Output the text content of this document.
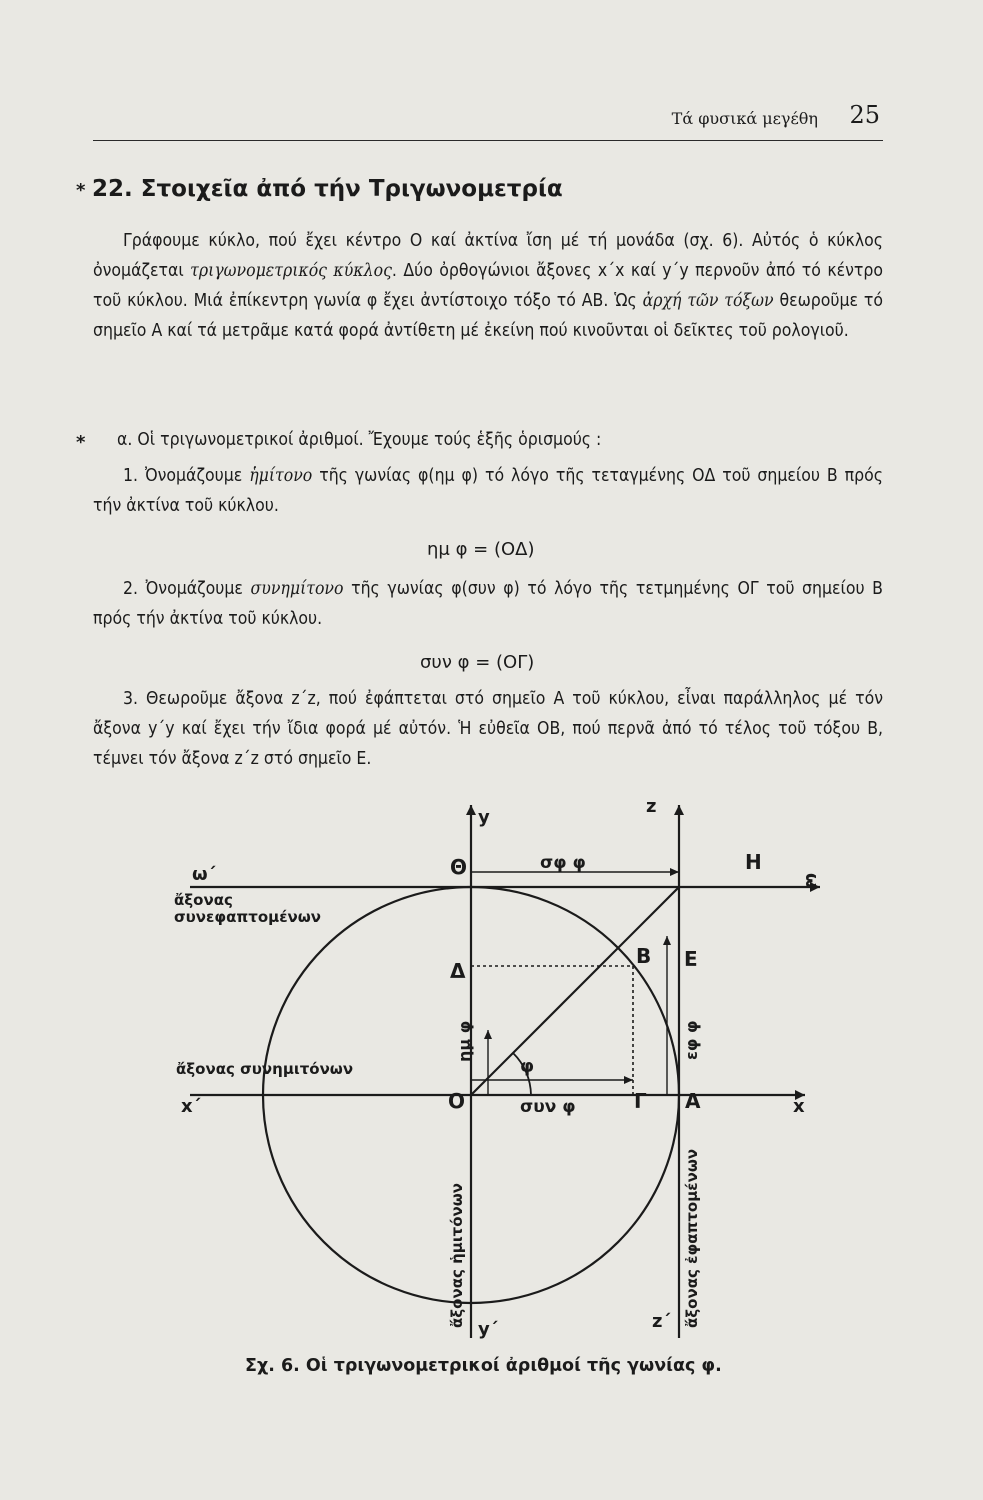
Τά φυσικά μεγέθη 25
* 22. Στοιχεῖα ἀπό τήν Τριγωνομετρία
Γράφουμε κύκλο, πού ἔχει κέντρο Ο καί ἀκτίνα ἴση μέ τή μονάδα (σχ. 6). Αὐτός ὁ κύκλος ὀνομάζεται τριγωνομετρικός κύκλος. Δύο ὀρθογώνιοι ἄξονες x΄x καί y΄y περνοῦν ἀπό τό κέντρο τοῦ κύκλου. Μιά ἐπίκεντρη γωνία φ ἔχει ἀντίστοιχο τόξο τό ΑΒ. Ὡς ἀρχή τῶν τόξων θεωροῦμε τό σημεῖο Α καί τά μετρᾶμε κατά φορά ἀντίθετη μέ ἐκείνη πού κινοῦνται οἱ δεῖκτες τοῦ ρολογιοῦ.
* α. Οἱ τριγωνομετρικοί ἀριθμοί. Ἔχουμε τούς ἑξῆς ὁρισμούς :
1. Ὀνομάζουμε ἡμίτονο τῆς γωνίας φ(ημ φ) τό λόγο τῆς τεταγμένης ΟΔ τοῦ σημείου Β πρός τήν ἀκτίνα τοῦ κύκλου.
ημ φ = (ΟΔ)
2. Ὀνομάζουμε συνημίτονο τῆς γωνίας φ(συν φ) τό λόγο τῆς τετμημένης ΟΓ τοῦ σημείου Β πρός τήν ἀκτίνα τοῦ κύκλου.
συν φ = (ΟΓ)
3. Θεωροῦμε ἄξονα z΄z, πού ἐφάπτεται στό σημεῖο Α τοῦ κύκλου, εἶναι παράλληλος μέ τόν ἄξονα y΄y καί ἔχει τήν ἴδια φορά μέ αὐτόν. Ἡ εὐθεῖα ΟΒ, πού περνᾶ ἀπό τό τέλος τοῦ τόξου Β, τέμνει τόν ἄξονα z΄z στό σημεῖο Ε.
ω΄
ἄξονας
συνεφαπτομένων
ἄξονας συνημιτόνων
x΄	x
y
y΄
z
z΄
ω
Ο	Α
Β
Γ
Δ	Ε
Η
Θ
φ
σφ φ
ημ φ
συν φ
εφ φ
ἄξονας ἡμιτόνων	ἄξονας ἐφαπτομένων
Σχ. 6. Οἱ τριγωνομετρικοί ἀριθμοί τῆς γωνίας φ.
